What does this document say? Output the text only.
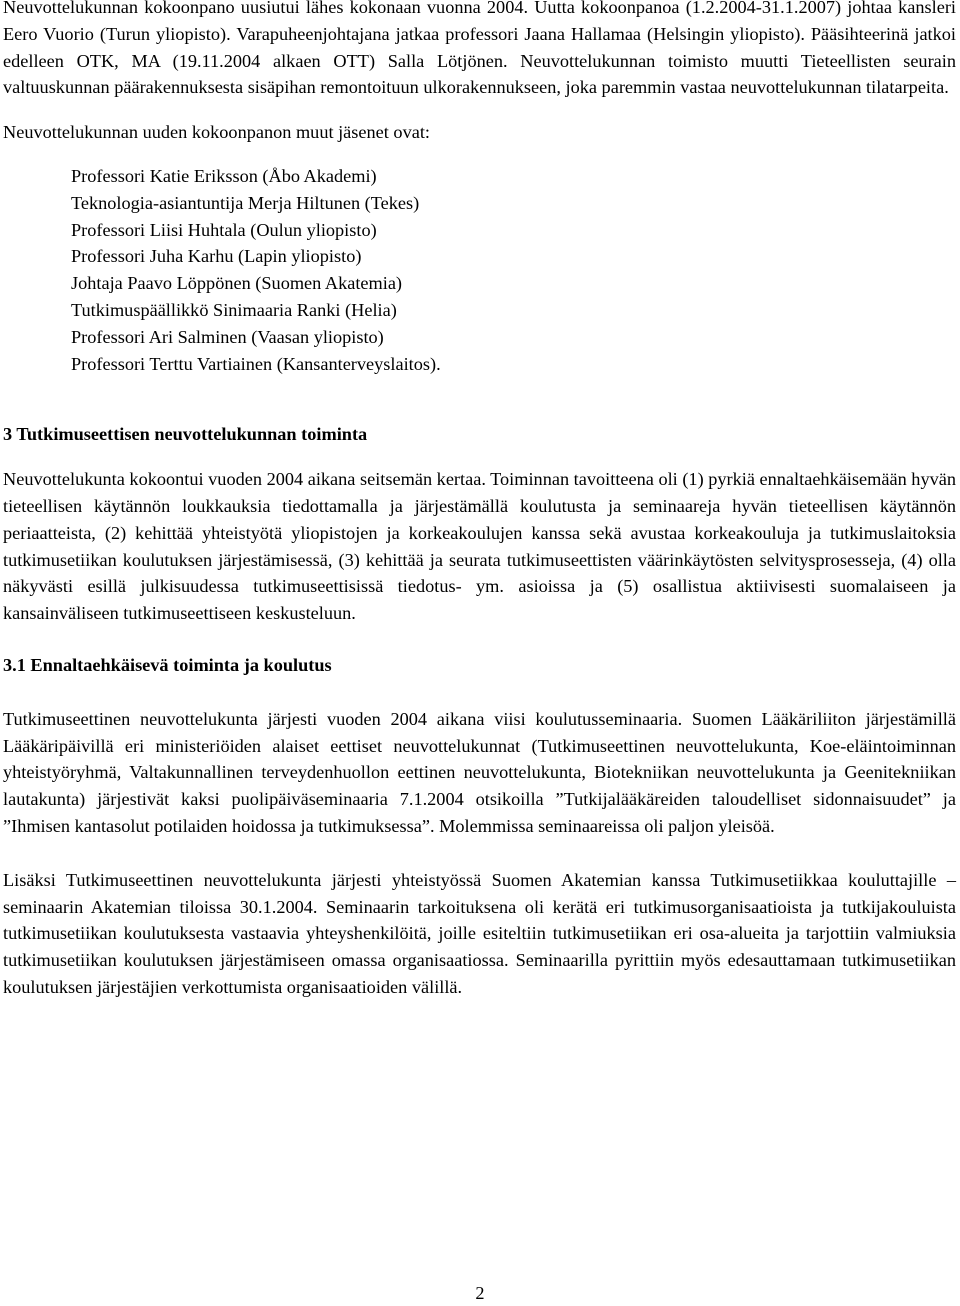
Neuvottelukunnan kokoonpano uusiutui lähes kokonaan vuonna 2004. Uutta kokoonpanoa (1.2.2004-31.1.2007) johtaa kansleri Eero Vuorio (Turun yliopisto). Varapuheenjohtajana jatkaa professori Jaana Hallamaa (Helsingin yliopisto). Pääsihteerinä jatkoi edelleen OTK, MA (19.11.2004 alkaen OTT) Salla Lötjönen. Neuvottelukunnan toimisto muutti Tieteellisten seurain valtuuskunnan päärakennuksesta sisäpihan remontoituun ulkorakennukseen, joka paremmin vastaa neuvottelukunnan tilatarpeita.

Neuvottelukunnan uuden kokoonpanon muut jäsenet ovat:

Professori Katie Eriksson (Åbo Akademi)
Teknologia-asiantuntija Merja Hiltunen (Tekes)
Professori Liisi Huhtala (Oulun yliopisto)
Professori Juha Karhu (Lapin yliopisto)
Johtaja Paavo Löppönen (Suomen Akatemia)
Tutkimuspäällikkö Sinimaaria Ranki (Helia)
Professori Ari Salminen (Vaasan yliopisto)
Professori Terttu Vartiainen (Kansanterveyslaitos).
3 Tutkimuseettisen neuvottelukunnan toiminta

Neuvottelukunta kokoontui vuoden 2004 aikana seitsemän kertaa. Toiminnan tavoitteena oli (1) pyrkiä ennaltaehkäisemään hyvän tieteellisen käytännön loukkauksia tiedottamalla ja järjestämällä koulutusta ja seminaareja hyvän tieteellisen käytännön periaatteista, (2) kehittää yhteistyötä yliopistojen ja korkeakoulujen kanssa sekä avustaa korkeakouluja ja tutkimuslaitoksia tutkimusetiikan koulutuksen järjestämisessä, (3) kehittää ja seurata tutkimuseettisten väärinkäytösten selvitysprosesseja, (4) olla näkyvästi esillä julkisuudessa tutkimuseettisissä tiedotus- ym. asioissa ja (5) osallistua aktiivisesti suomalaiseen ja kansainväliseen tutkimuseettiseen keskusteluun.

3.1 Ennaltaehkäisevä toiminta ja koulutus

Tutkimuseettinen neuvottelukunta järjesti vuoden 2004 aikana viisi koulutusseminaaria. Suomen Lääkäriliiton järjestämillä Lääkäripäivillä eri ministeriöiden alaiset eettiset neuvottelukunnat (Tutkimuseettinen neuvottelukunta, Koe-eläintoiminnan yhteistyöryhmä, Valtakunnallinen terveydenhuollon eettinen neuvottelukunta, Biotekniikan neuvottelukunta ja Geenitekniikan lautakunta) järjestivät kaksi puolipäiväseminaaria 7.1.2004 otsikoilla ”Tutkijalääkäreiden taloudelliset sidonnaisuudet” ja ”Ihmisen kantasolut potilaiden hoidossa ja tutkimuksessa”. Molemmissa seminaareissa oli paljon yleisöä.

Lisäksi Tutkimuseettinen neuvottelukunta järjesti yhteistyössä Suomen Akatemian kanssa Tutkimusetiikkaa kouluttajille –seminaarin Akatemian tiloissa 30.1.2004. Seminaarin tarkoituksena oli kerätä eri tutkimusorganisaatioista ja tutkijakouluista tutkimusetiikan koulutuksesta vastaavia yhteyshenkilöitä, joille esiteltiin tutkimusetiikan eri osa-alueita ja tarjottiin valmiuksia tutkimusetiikan koulutuksen järjestämiseen omassa organisaatiossa. Seminaarilla pyrittiin myös edesauttamaan tutkimusetiikan koulutuksen järjestäjien verkottumista organisaatioiden välillä.

2
